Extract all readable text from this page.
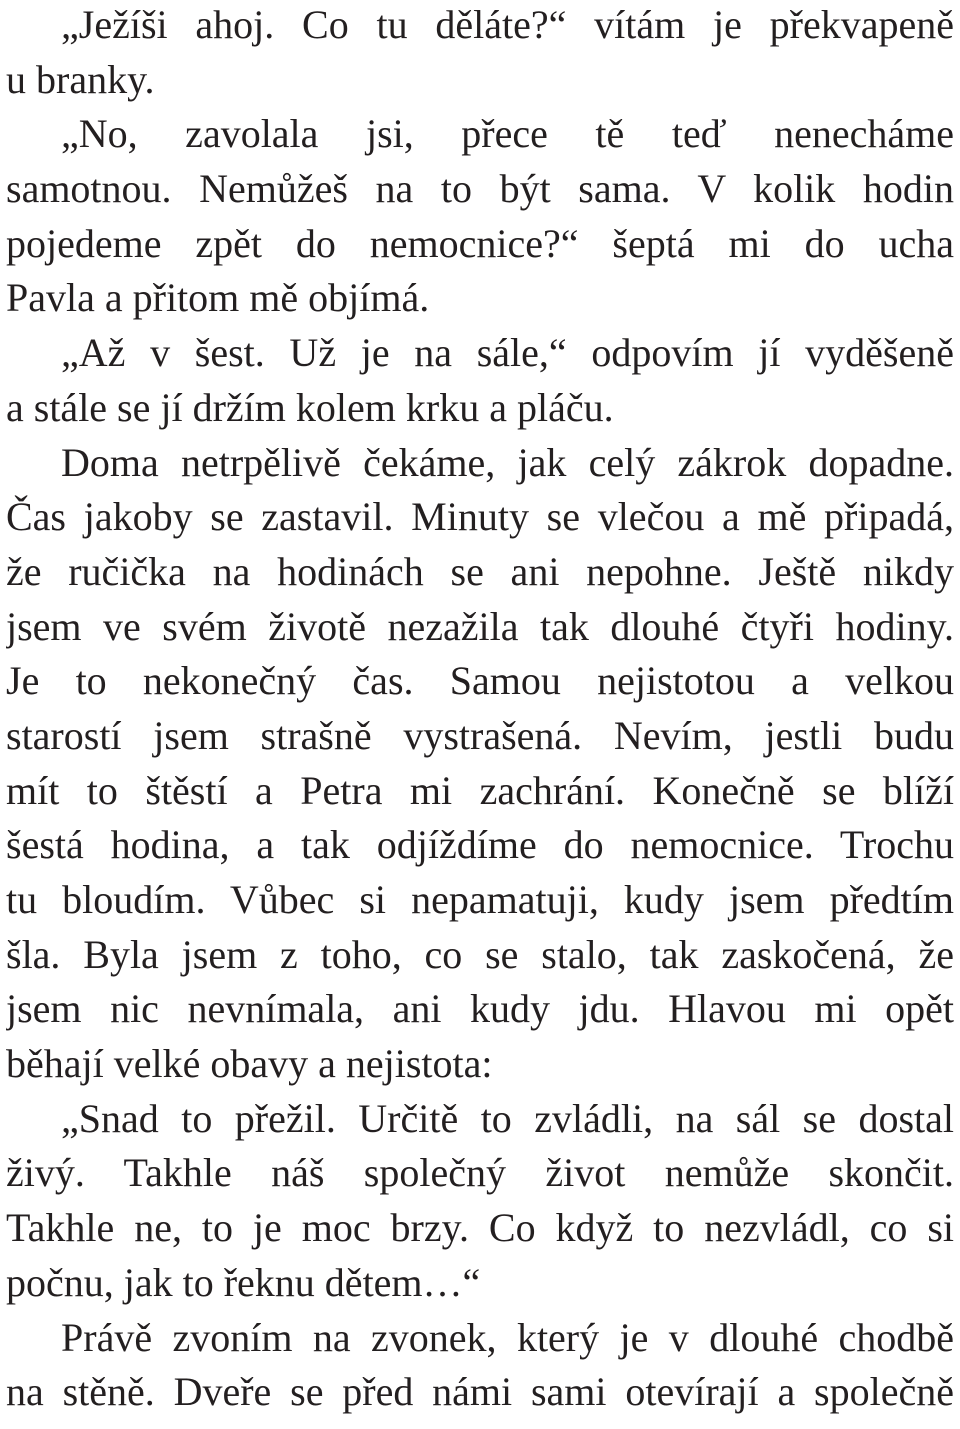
„Ježíši ahoj. Co tu děláte?“ vítám je překvapeně
u branky.
„No, zavolala jsi, přece tě teď nenecháme
samotnou. Nemůžeš na to být sama. V kolik hodin
pojedeme zpět do nemocnice?“ šeptá mi do ucha
Pavla a přitom mě objímá.
„Až v šest. Už je na sále,“ odpovím jí vyděšeně
a stále se jí držím kolem krku a pláču.
Doma netrpělivě čekáme, jak celý zákrok dopadne.
Čas jakoby se zastavil. Minuty se vlečou a mě připadá,
že ručička na hodinách se ani nepohne. Ještě nikdy
jsem ve svém životě nezažila tak dlouhé čtyři hodiny.
Je to nekonečný čas. Samou nejistotou a velkou
starostí jsem strašně vystrašená. Nevím, jestli budu
mít to štěstí a Petra mi zachrání. Konečně se blíží
šestá hodina, a tak odjíždíme do nemocnice. Trochu
tu bloudím. Vůbec si nepamatuji, kudy jsem předtím
šla. Byla jsem z toho, co se stalo, tak zaskočená, že
jsem nic nevnímala, ani kudy jdu. Hlavou mi opět
běhají velké obavy a nejistota:
„Snad to přežil. Určitě to zvládli, na sál se dostal
živý. Takhle náš společný život nemůže skončit.
Takhle ne, to je moc brzy. Co když to nezvládl, co si
počnu, jak to řeknu dětem…“
Právě zvoním na zvonek, který je v dlouhé chodbě
na stěně. Dveře se před námi sami otevírají a společně
